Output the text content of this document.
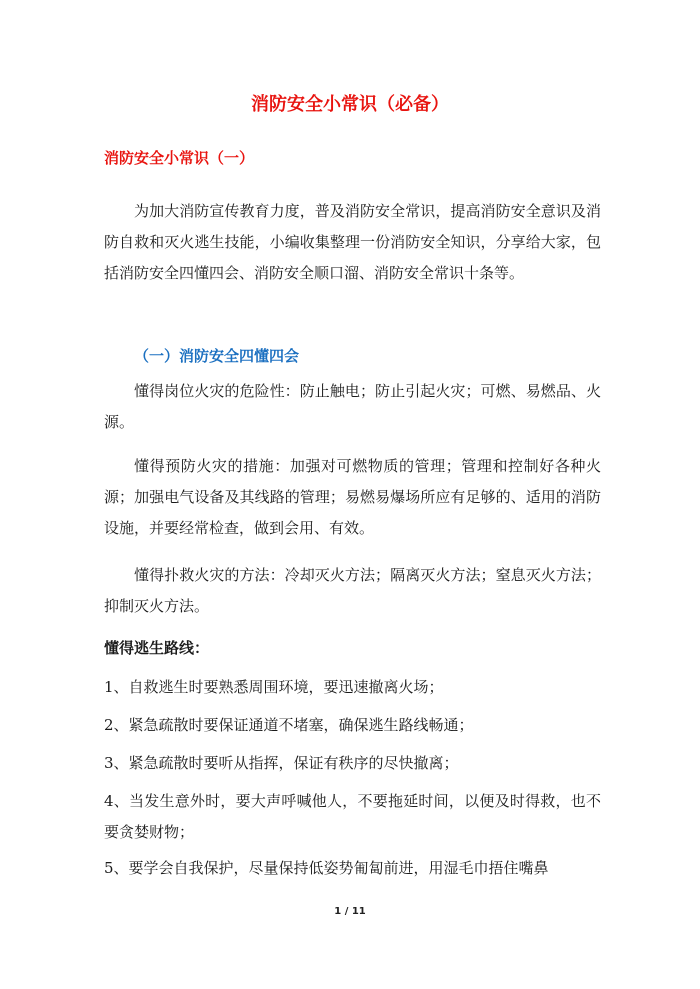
消防安全小常识（必备）
消防安全小常识（一）

为加大消防宣传教育力度，普及消防安全常识，提高消防安全意识及消防自救和灭火逃生技能，小编收集整理一份消防安全知识，分享给大家，包括消防安全四懂四会、消防安全顺口溜、消防安全常识十条等。

（一）消防安全四懂四会

懂得岗位火灾的危险性：防止触电；防止引起火灾；可燃、易燃品、火源。

懂得预防火灾的措施：加强对可燃物质的管理；管理和控制好各种火源；加强电气设备及其线路的管理；易燃易爆场所应有足够的、适用的消防设施，并要经常检查，做到会用、有效。

懂得扑救火灾的方法：冷却灭火方法；隔离灭火方法；窒息灭火方法；抑制灭火方法。

懂得逃生路线：

1、自救逃生时要熟悉周围环境，要迅速撤离火场；

2、紧急疏散时要保证通道不堵塞，确保逃生路线畅通；

3、紧急疏散时要听从指挥，保证有秩序的尽快撤离；

4、当发生意外时，要大声呼喊他人，不要拖延时间，以便及时得救，也不要贪婪财物；

5、要学会自我保护，尽量保持低姿势匍匐前进，用湿毛巾捂住嘴鼻

1 / 11
